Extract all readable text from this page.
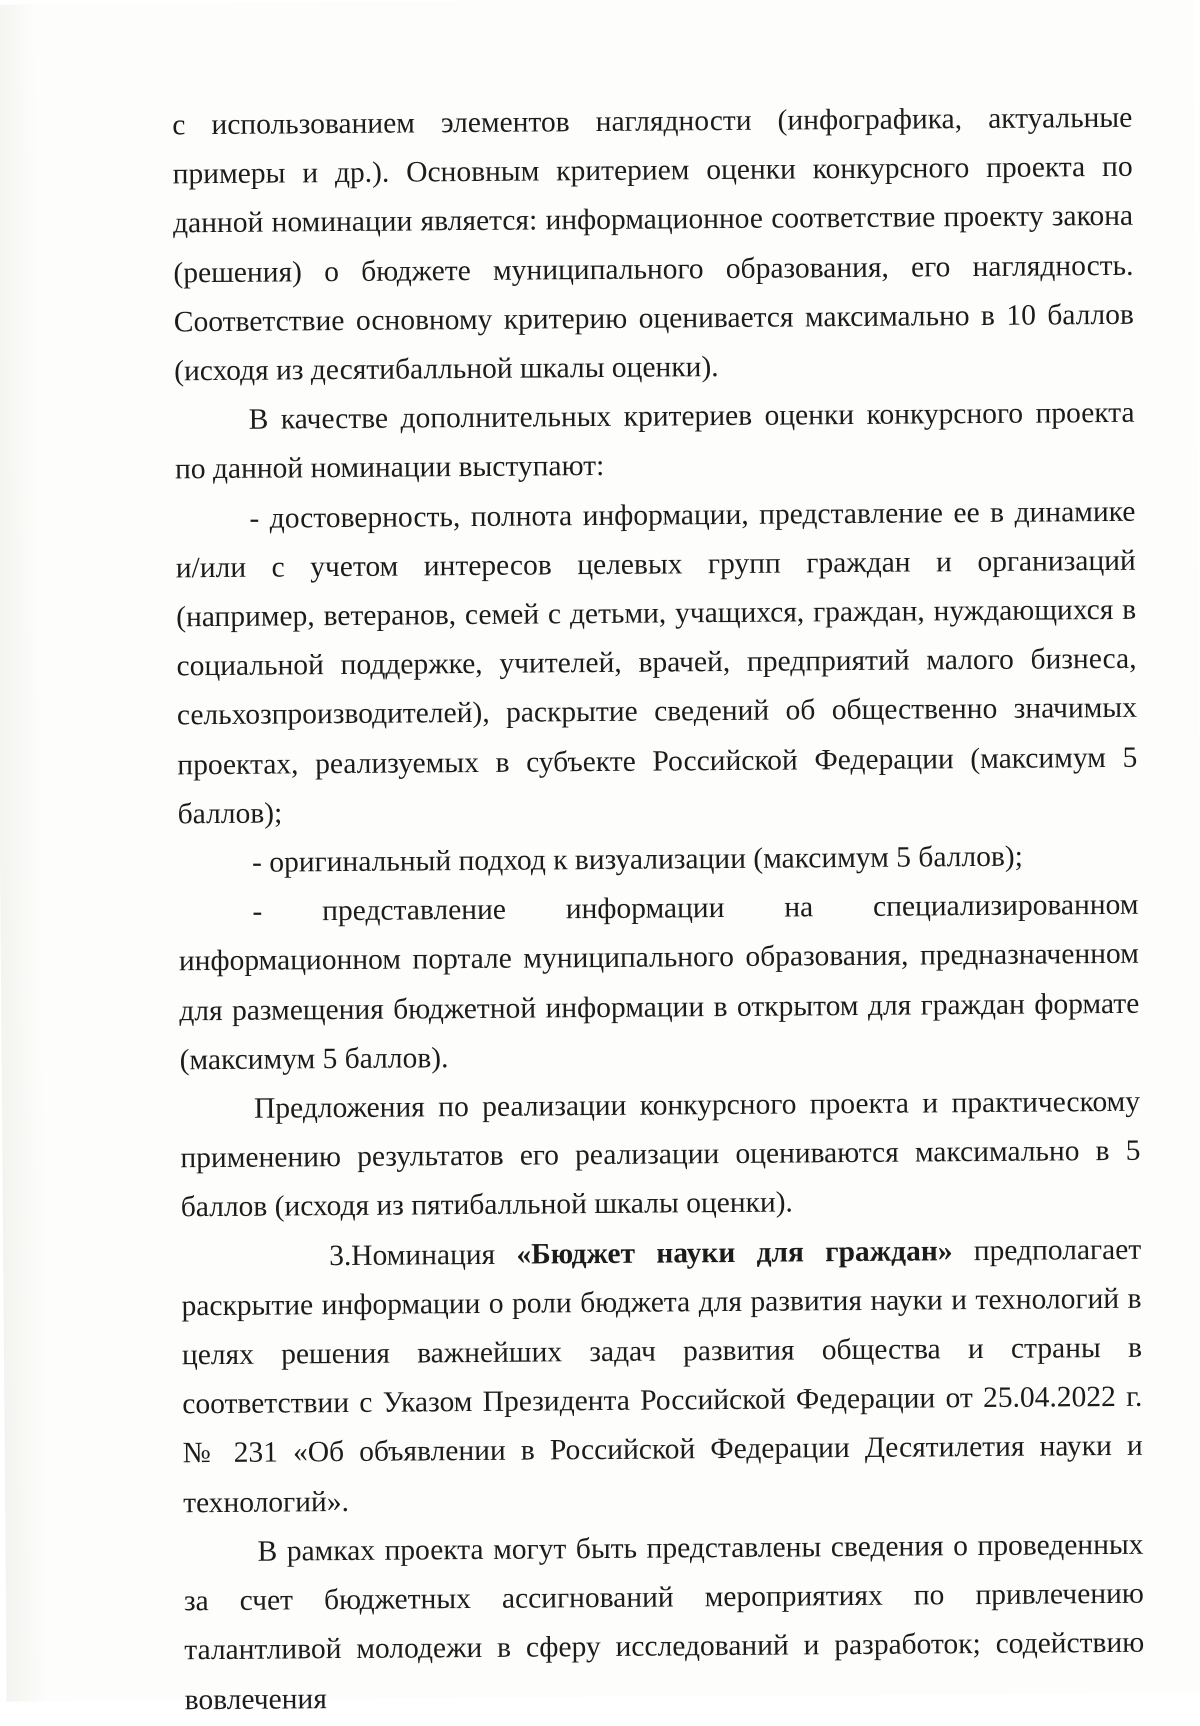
с использованием элементов наглядности (инфографика, актуальные примеры и др.). Основным критерием оценки конкурсного проекта по данной номинации является: информационное соответствие проекту закона (решения) о бюджете муниципального образования, его наглядность. Соответствие основному критерию оценивается максимально в 10 баллов (исходя из десятибалльной шкалы оценки).

В качестве дополнительных критериев оценки конкурсного проекта по данной номинации выступают:

- достоверность, полнота информации, представление ее в динамике и/или с учетом интересов целевых групп граждан и организаций (например, ветеранов, семей с детьми, учащихся, граждан, нуждающихся в социальной поддержке, учителей, врачей, предприятий малого бизнеса, сельхозпроизводителей), раскрытие сведений об общественно значимых проектах, реализуемых в субъекте Российской Федерации (максимум 5 баллов);

- оригинальный подход к визуализации (максимум 5 баллов);

- представление информации на специализированном информационном портале муниципального образования, предназначенном для размещения бюджетной информации в открытом для граждан формате (максимум 5 баллов).

Предложения по реализации конкурсного проекта и практическому применению результатов его реализации оцениваются максимально в 5 баллов (исходя из пятибалльной шкалы оценки).

3.Номинация «Бюджет науки для граждан» предполагает раскрытие информации о роли бюджета для развития науки и технологий в целях решения важнейших задач развития общества и страны в соответствии с Указом Президента Российской Федерации от 25.04.2022 г. № 231 «Об объявлении в Российской Федерации Десятилетия науки и технологий».

В рамках проекта могут быть представлены сведения о проведенных за счет бюджетных ассигнований мероприятиях по привлечению талантливой молодежи в сферу исследований и разработок; содействию вовлечения
